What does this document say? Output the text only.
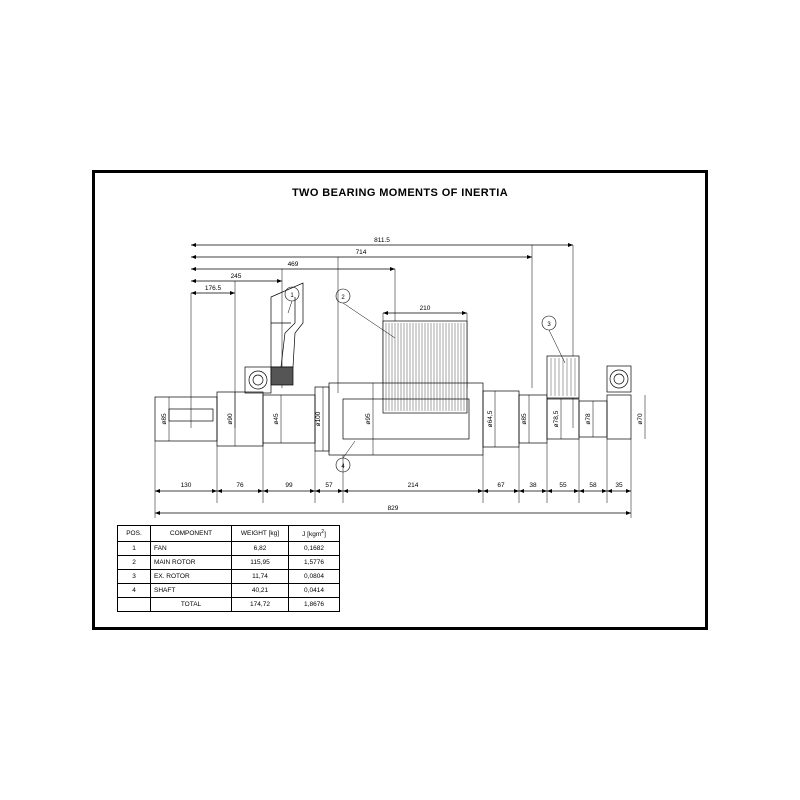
TWO BEARING MOMENTS OF INERTIA
811.5
714
469
245
176.5
210
1	2
3
4
ø85	ø90	ø45	ø100	ø95	ø64,5	ø85	ø78,5	ø78	ø70
130	76	99	57	214	67	38	55	58	35
829
POS.	COMPONENT	WEIGHT [kg]	J [kgm$^2$]
1	FAN	6,82	0,1682
2	MAIN ROTOR	115,95	1,5776
3	EX. ROTOR	11,74	0,0804
4	SHAFT	40,21	0,0414
	TOTAL	174,72	1,8676
